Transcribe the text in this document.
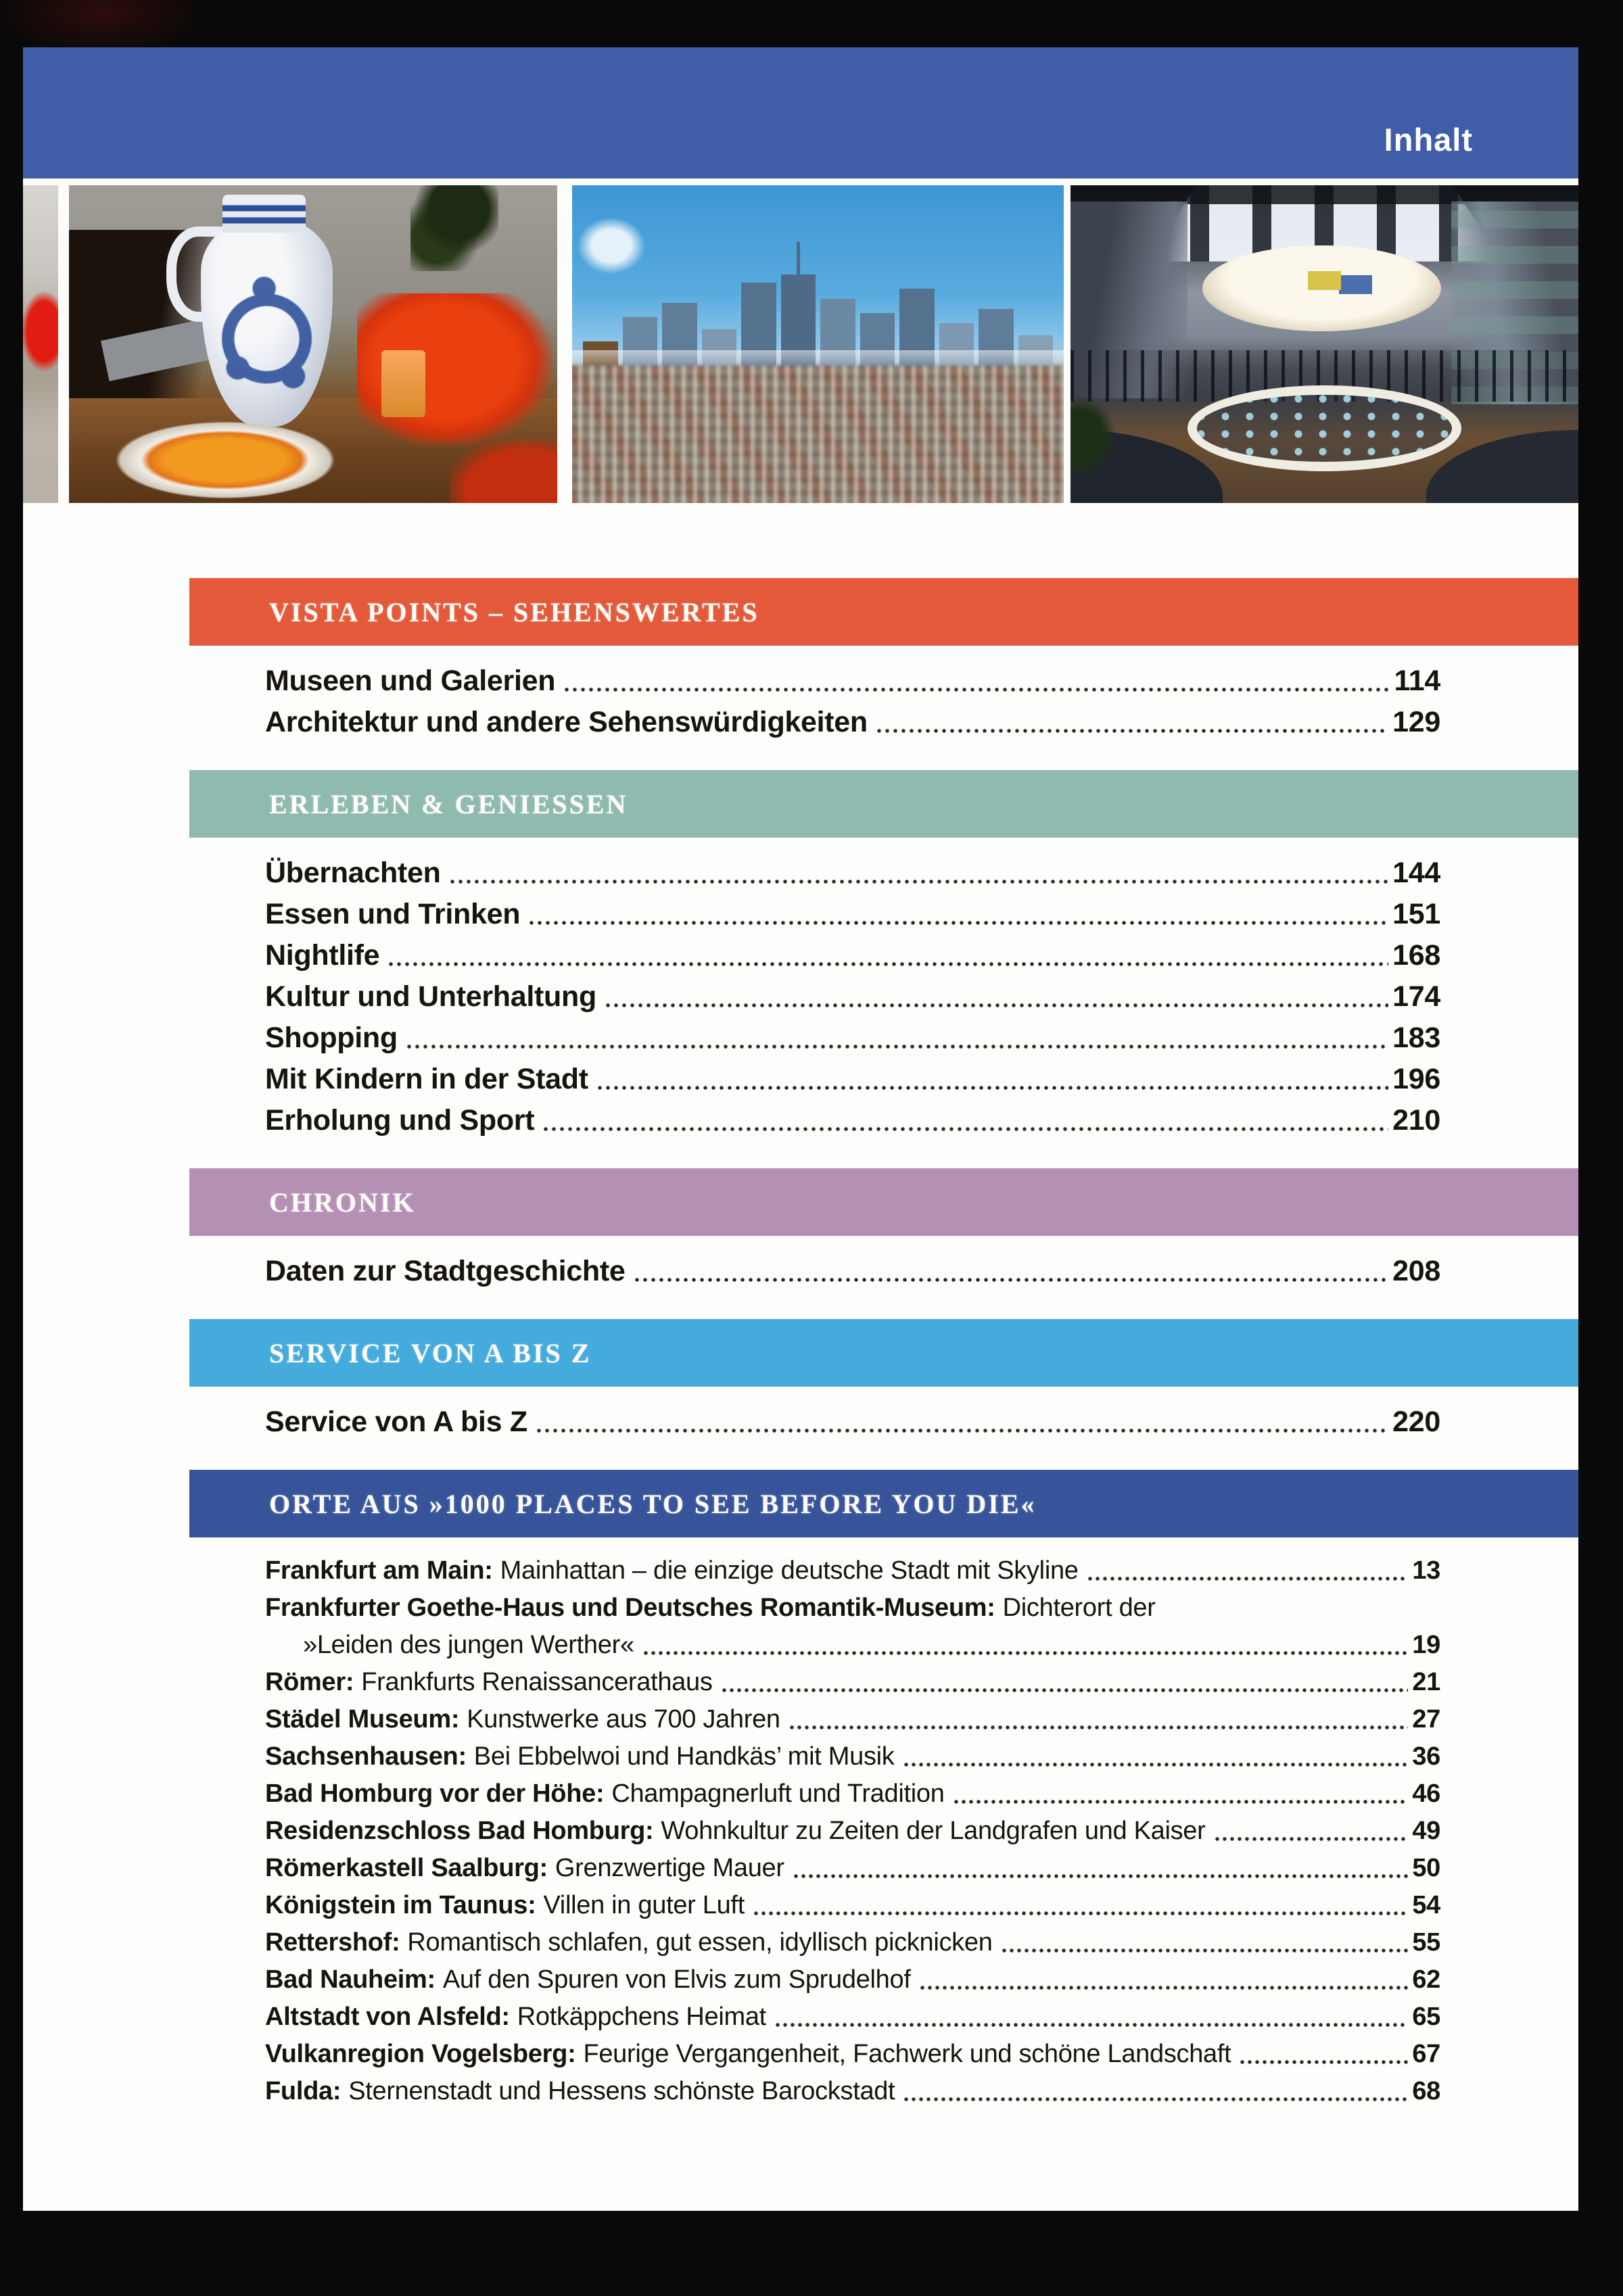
Inhalt
VISTA POINTS – SEHENSWERTES
Museen und Galerien	114
Architektur und andere Sehenswürdigkeiten	129
ERLEBEN & GENIESSEN
Übernachten	144
Essen und Trinken	151
Nightlife	168
Kultur und Unterhaltung	174
Shopping	183
Mit Kindern in der Stadt	196
Erholung und Sport	210
CHRONIK
Daten zur Stadtgeschichte	208
SERVICE VON A BIS Z
Service von A bis Z	220
ORTE AUS »1000 PLACES TO SEE BEFORE YOU DIE«
Frankfurt am Main: Mainhattan – die einzige deutsche Stadt mit Skyline	13
Frankfurter Goethe-Haus und Deutsches Romantik-Museum: Dichterort der
»Leiden des jungen Werther«	19
Römer: Frankfurts Renaissancerathaus	21
Städel Museum: Kunstwerke aus 700 Jahren	27
Sachsenhausen: Bei Ebbelwoi und Handkäs’ mit Musik	36
Bad Homburg vor der Höhe: Champagnerluft und Tradition	46
Residenzschloss Bad Homburg: Wohnkultur zu Zeiten der Landgrafen und Kaiser	49
Römerkastell Saalburg: Grenzwertige Mauer	50
Königstein im Taunus: Villen in guter Luft	54
Rettershof: Romantisch schlafen, gut essen, idyllisch picknicken	55
Bad Nauheim: Auf den Spuren von Elvis zum Sprudelhof	62
Altstadt von Alsfeld: Rotkäppchens Heimat	65
Vulkanregion Vogelsberg: Feurige Vergangenheit, Fachwerk und schöne Landschaft	67
Fulda: Sternenstadt und Hessens schönste Barockstadt	68
